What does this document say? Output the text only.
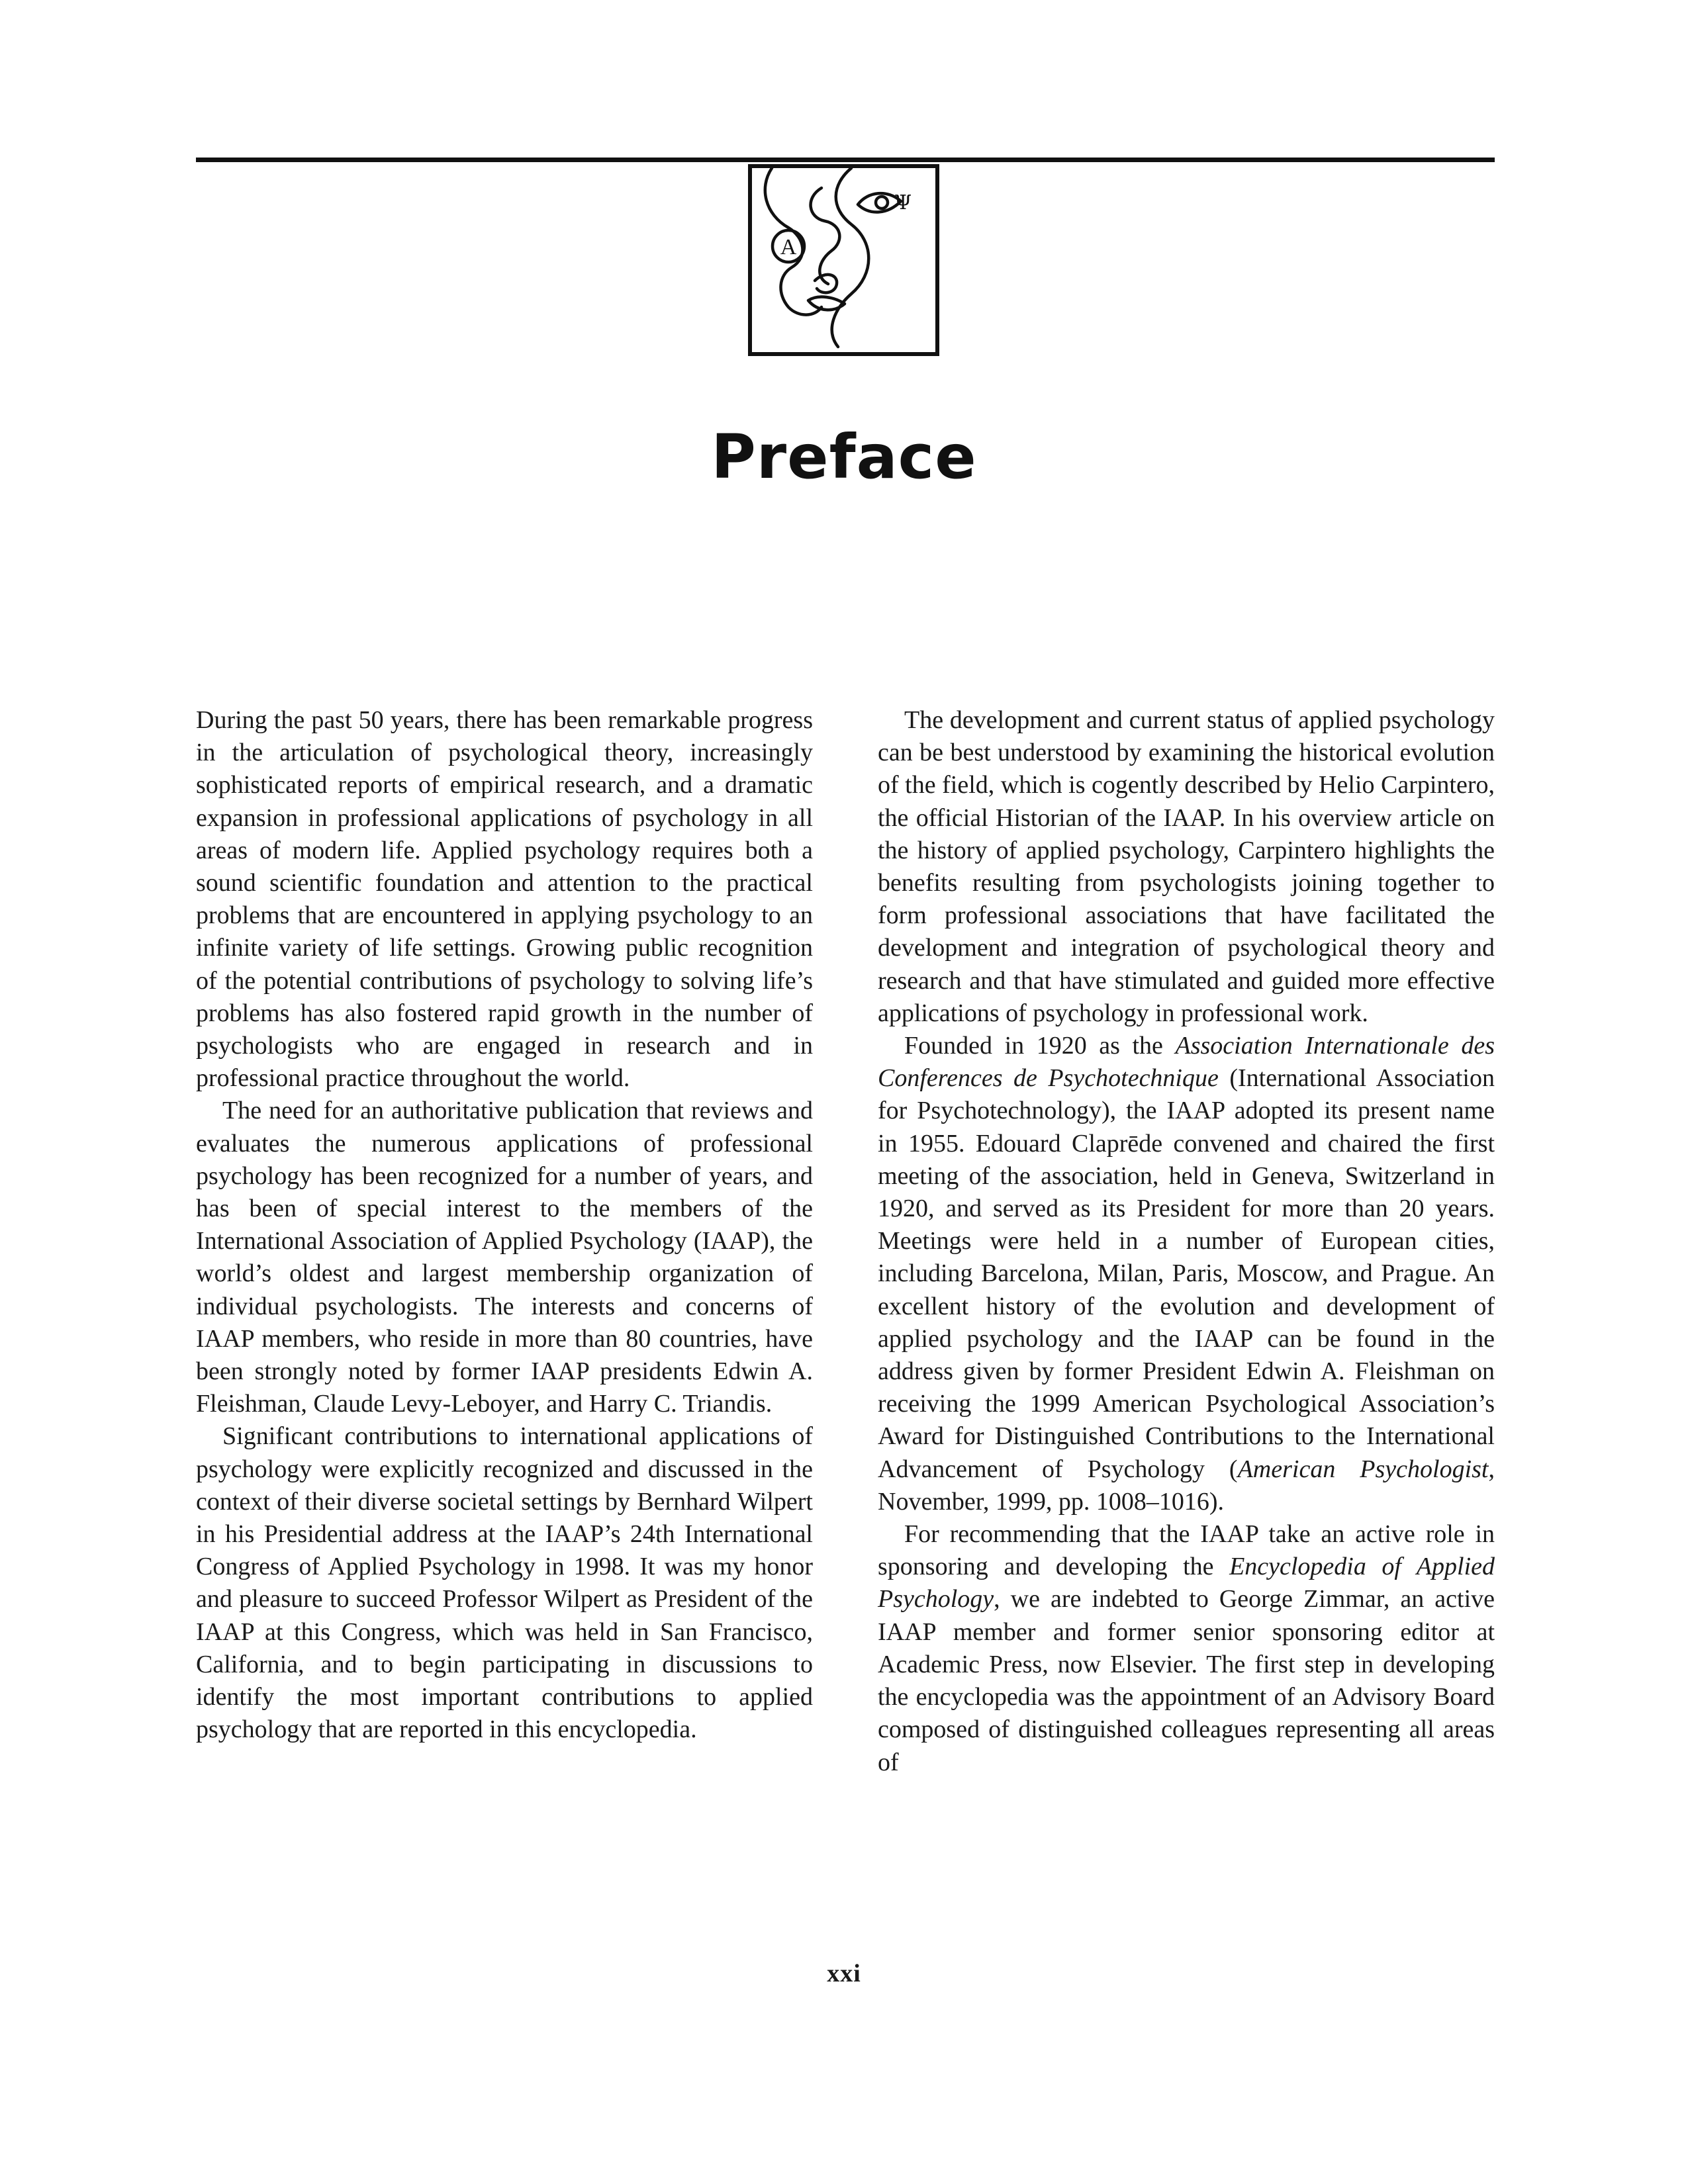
A
Ψ
Preface

During the past 50 years, there has been remarkable progress in the articulation of psychological theory, increasingly sophisticated reports of empirical research, and a dramatic expansion in professional applications of psychology in all areas of modern life. Applied psychology requires both a sound scientific foundation and attention to the practical problems that are encountered in applying psychology to an infinite variety of life settings. Growing public recognition of the potential contributions of psychology to solving life’s problems has also fostered rapid growth in the number of psychologists who are engaged in research and in professional practice throughout the world.

The need for an authoritative publication that reviews and evaluates the numerous applications of professional psychology has been recognized for a number of years, and has been of special interest to the members of the International Association of Applied Psychology (IAAP), the world’s oldest and largest membership organization of individual psychologists. The interests and concerns of IAAP members, who reside in more than 80 countries, have been strongly noted by former IAAP presidents Edwin A. Fleishman, Claude Levy-Leboyer, and Harry C. Triandis.

Significant contributions to international applications of psychology were explicitly recognized and discussed in the context of their diverse societal settings by Bernhard Wilpert in his Presidential address at the IAAP’s 24th International Congress of Applied Psychology in 1998. It was my honor and pleasure to succeed Professor Wilpert as President of the IAAP at this Congress, which was held in San Francisco, California, and to begin participating in discussions to identify the most important contributions to applied psychology that are reported in this encyclopedia.

The development and current status of applied psychology can be best understood by examining the historical evolution of the field, which is cogently described by Helio Carpintero, the official Historian of the IAAP. In his overview article on the history of applied psychology, Carpintero highlights the benefits resulting from psychologists joining together to form professional associations that have facilitated the development and integration of psychological theory and research and that have stimulated and guided more effective applications of psychology in professional work.

Founded in 1920 as the Association Internationale des Conferences de Psychotechnique (International Association for Psychotechnology), the IAAP adopted its present name in 1955. Edouard Claprēde convened and chaired the first meeting of the association, held in Geneva, Switzerland in 1920, and served as its President for more than 20 years. Meetings were held in a number of European cities, including Barcelona, Milan, Paris, Moscow, and Prague. An excellent history of the evolution and development of applied psychology and the IAAP can be found in the address given by former President Edwin A. Fleishman on receiving the 1999 American Psychological Association’s Award for Distinguished Contributions to the International Advancement of Psychology (American Psychologist, November, 1999, pp. 1008–1016).

For recommending that the IAAP take an active role in sponsoring and developing the Encyclopedia of Applied Psychology, we are indebted to George Zimmar, an active IAAP member and former senior sponsoring editor at Academic Press, now Elsevier. The first step in developing the encyclopedia was the appointment of an Advisory Board composed of distinguished colleagues representing all areas of

xxi
